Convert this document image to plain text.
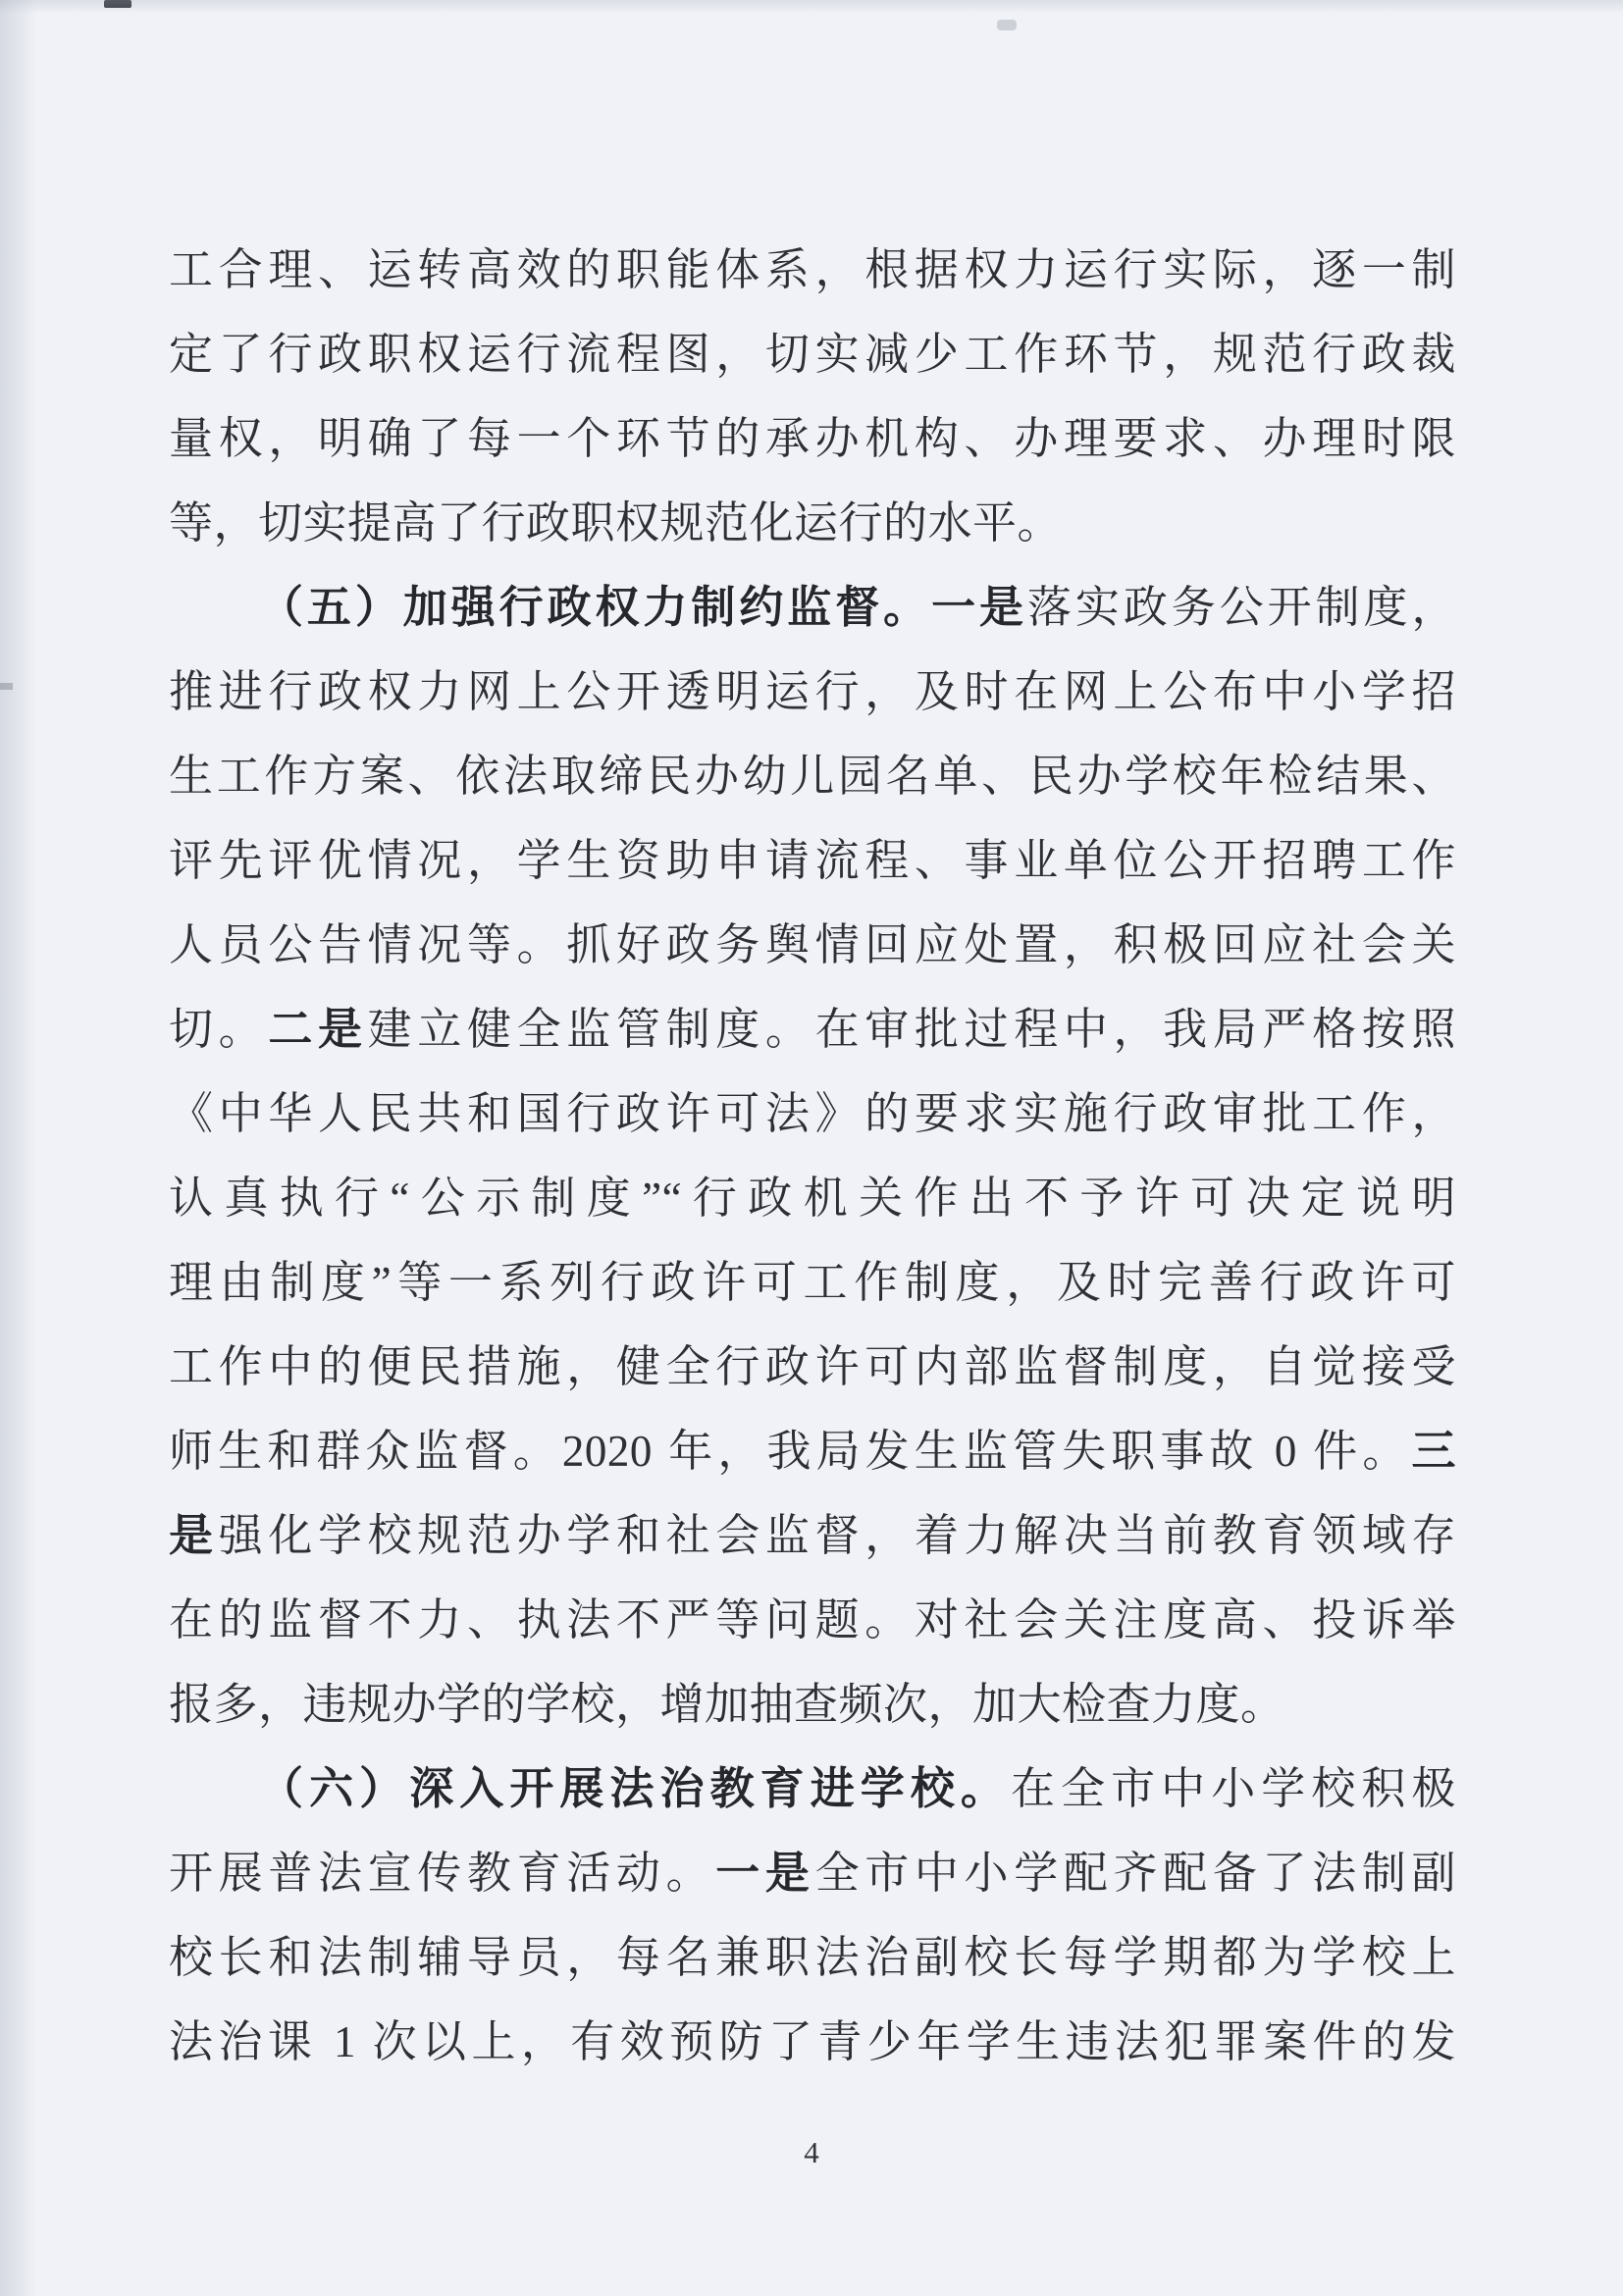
工合理、运转高效的职能体系，根据权力运行实际，逐一制
定了行政职权运行流程图，切实减少工作环节，规范行政裁
量权，明确了每一个环节的承办机构、办理要求、办理时限
等，切实提高了行政职权规范化运行的水平。
（五）加强行政权力制约监督。一是落实政务公开制度，
推进行政权力网上公开透明运行，及时在网上公布中小学招
生工作方案、依法取缔民办幼儿园名单、民办学校年检结果、
评先评优情况，学生资助申请流程、事业单位公开招聘工作
人员公告情况等。抓好政务舆情回应处置，积极回应社会关
切。二是建立健全监管制度。在审批过程中，我局严格按照
《中华人民共和国行政许可法》的要求实施行政审批工作，
认真执行“公示制度”“行政机关作出不予许可决定说明
理由制度”等一系列行政许可工作制度，及时完善行政许可
工作中的便民措施，健全行政许可内部监督制度，自觉接受
师生和群众监督。2020 年，我局发生监管失职事故 0 件。三
是强化学校规范办学和社会监督，着力解决当前教育领域存
在的监督不力、执法不严等问题。对社会关注度高、投诉举
报多，违规办学的学校，增加抽查频次，加大检查力度。
（六）深入开展法治教育进学校。在全市中小学校积极
开展普法宣传教育活动。一是全市中小学配齐配备了法制副
校长和法制辅导员，每名兼职法治副校长每学期都为学校上
法治课 1 次以上，有效预防了青少年学生违法犯罪案件的发
4
